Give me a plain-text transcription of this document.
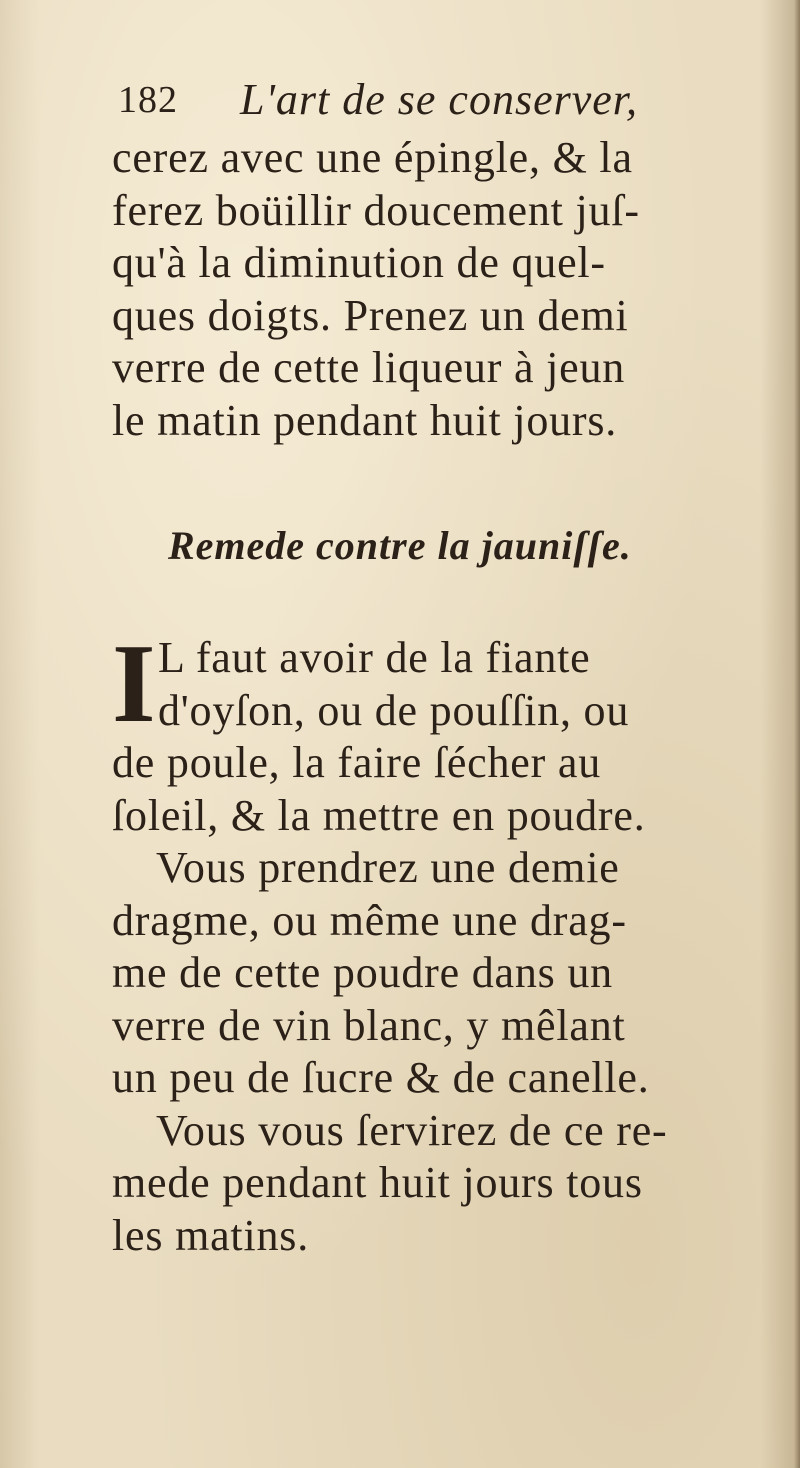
182 L'art de se conserver,
cerez avec une épingle, & la
ferez boüillir doucement juſ-
qu'à la diminution de quel-
ques doigts. Prenez un demi
verre de cette liqueur à jeun
le matin pendant huit jours.
Remede contre la jauniſſe.
I L faut avoir de la fiante
d'oyſon, ou de pouſſin, ou
de poule, la faire ſécher au
ſoleil, & la mettre en poudre.
Vous prendrez une demie
dragme, ou même une drag-
me de cette poudre dans un
verre de vin blanc, y mêlant
un peu de ſucre & de canelle.
Vous vous ſervirez de ce re-
mede pendant huit jours tous
les matins.
